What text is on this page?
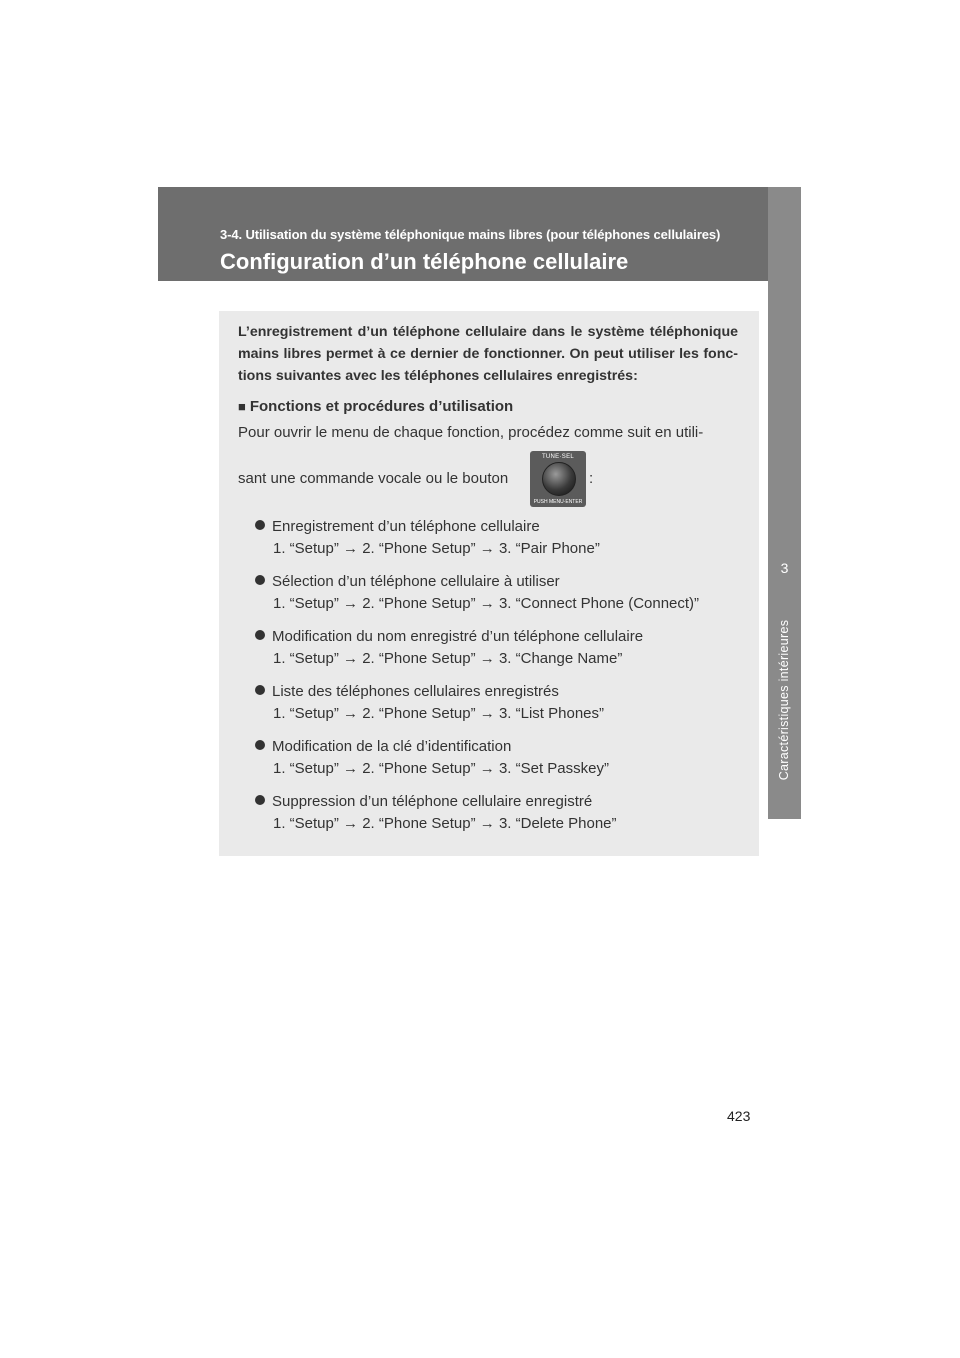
3-4. Utilisation du système téléphonique mains libres (pour téléphones cellulaires)
Configuration d’un téléphone cellulaire
3
Caractéristiques intérieures
L’enregistrement d’un téléphone cellulaire dans le système téléphonique mains libres permet à ce dernier de fonctionner. On peut utiliser les fonc-tions suivantes avec les téléphones cellulaires enregistrés:
■ Fonctions et procédures d’utilisation
Pour ouvrir le menu de chaque fonction, procédez comme suit en utili-
sant une commande vocale ou le bouton
TUNE·SEL
PUSH MENU·ENTER
:
Enregistrement d’un téléphone cellulaire
1. “Setup” → 2. “Phone Setup” → 3. “Pair Phone”
Sélection d’un téléphone cellulaire à utiliser
1. “Setup” → 2. “Phone Setup” → 3. “Connect Phone (Connect)”
Modification du nom enregistré d’un téléphone cellulaire
1. “Setup” → 2. “Phone Setup” → 3. “Change Name”
Liste des téléphones cellulaires enregistrés
1. “Setup” → 2. “Phone Setup” → 3. “List Phones”
Modification de la clé d’identification
1. “Setup” → 2. “Phone Setup” → 3. “Set Passkey”
Suppression d’un téléphone cellulaire enregistré
1. “Setup” → 2. “Phone Setup” → 3. “Delete Phone”
423
